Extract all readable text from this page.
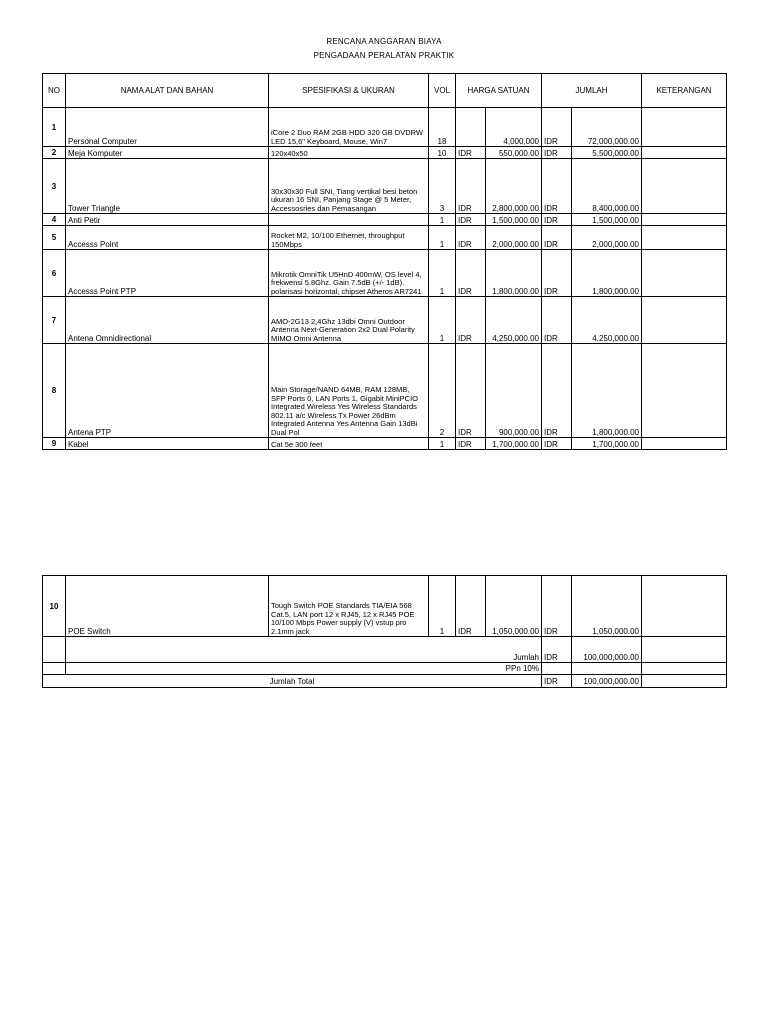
RENCANA ANGGARAN BIAYA
PENGADAAN PERALATAN PRAKTIK
NO	NAMA ALAT DAN BAHAN	SPESIFIKASI & UKURAN	VOL	HARGA SATUAN		JUMLAH		KETERANGAN
1	Personal Computer	iCore 2 Duo RAM 2GB HDD 320 GB DVDRW LED 15,6" Keyboard, Mouse, Win7	18		4,000,000	IDR	72,000,000.00	
2	Meja Komputer	120x40x50	10	IDR	550,000.00	IDR	5,500,000.00	
3	Tower Triangle	30x30x30 Full SNI, Tiang vertikal besi beton ukuran 16 SNI, Panjang Stage @ 5 Meter, Accessosries dan Pemasangan	3	IDR	2,800,000.00	IDR	8,400,000.00	
4	Anti Petir		1	IDR	1,500,000.00	IDR	1,500,000.00	
5	Accesss Point	Rocket M2, 10/100 Ethernet, throughput 150Mbps	1	IDR	2,000,000.00	IDR	2,000,000.00	
6	Accesss Point PTP	Mikrotik OmniTik U5HnD 400mW, OS level 4, frekwensi 5.8Ghz. Gain 7.5dB (+/- 1dB). polarisasi horizontal, chipset Atheros AR7241	1	IDR	1,800,000.00	IDR	1,800,000.00	
7	Antena Omnidirectional	AMO-2G13 2,4Ghz 13dbi Omni Outdoor Antenna Next-Generation 2x2 Dual Polarity MIMO Omni Antenna	1	IDR	4,250,000.00	IDR	4,250,000.00	
8	Antena PTP	Main Storage/NAND 64MB, RAM 128MB, SFP Ports 0, LAN Ports 1, Gigabit MiniPCIO Integrated Wireless Yes Wireless Standards 802.11 a/c Wireless Tx Power 26dBm Integrated Antenna Yes Antenna Gain 13dBi Dual Pol	2	IDR	900,000.00	IDR	1,800,000.00	
9	Kabel	Cat 5e 300 feet	1	IDR	1,700,000.00	IDR	1,700,000.00	
10	POE Switch	Tough Switch POE Standards TIA/EIA 568 Cat.5, LAN port 12 x RJ45, 12 x RJ45 POE 10/100 Mbps Power supply (V) vstup pro 2.1mm jack	1	IDR	1,050,000.00	IDR	1,050,000.00	
	Jumlah					IDR	100,000,000.00	
	PPn 10%							
Jumlah Total						IDR	100,000,000.00	
